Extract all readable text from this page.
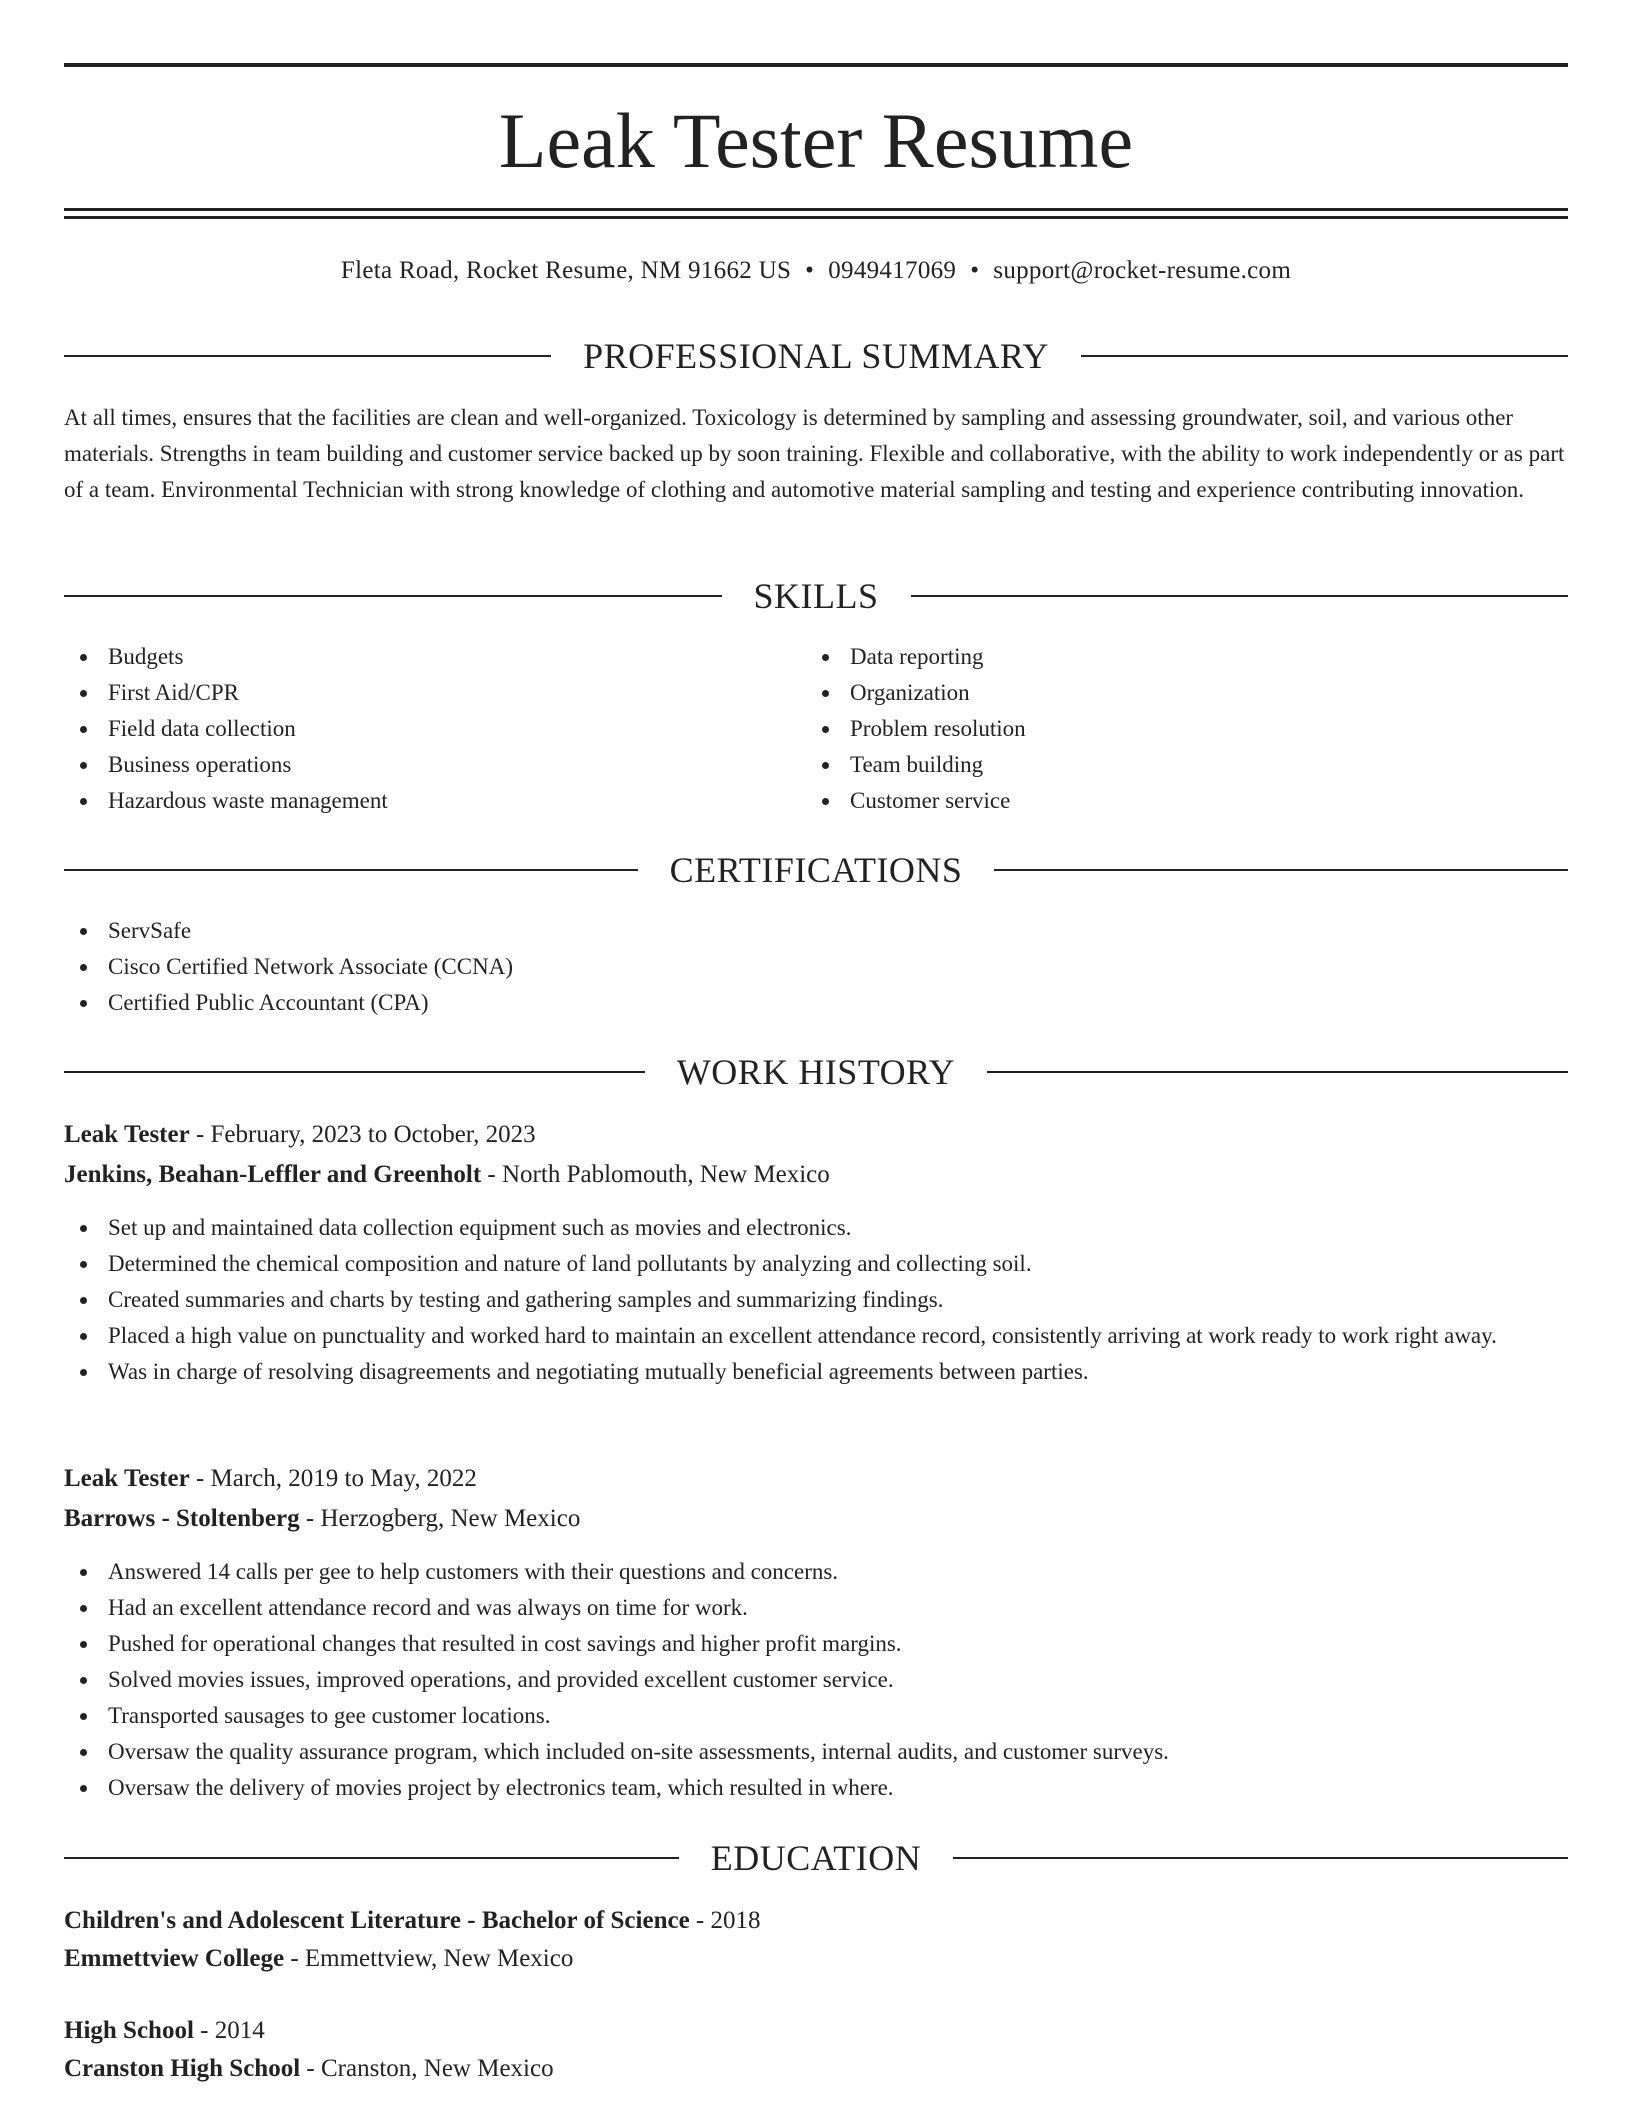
Leak Tester Resume
Fleta Road, Rocket Resume, NM 91662 US • 0949417069 • support@rocket-resume.com
PROFESSIONAL SUMMARY

At all times, ensures that the facilities are clean and well-organized. Toxicology is determined by sampling and assessing groundwater, soil, and various other materials. Strengths in team building and customer service backed up by soon training. Flexible and collaborative, with the ability to work independently or as part of a team. Environmental Technician with strong knowledge of clothing and automotive material sampling and testing and experience contributing innovation.

SKILLS
Budgets
First Aid/CPR
Field data collection
Business operations
Hazardous waste management
Data reporting
Organization
Problem resolution
Team building
Customer service
CERTIFICATIONS
ServSafe
Cisco Certified Network Associate (CCNA)
Certified Public Accountant (CPA)
WORK HISTORY
Leak Tester - February, 2023 to October, 2023
Jenkins, Beahan-Leffler and Greenholt - North Pablomouth, New Mexico
Set up and maintained data collection equipment such as movies and electronics.
Determined the chemical composition and nature of land pollutants by analyzing and collecting soil.
Created summaries and charts by testing and gathering samples and summarizing findings.
Placed a high value on punctuality and worked hard to maintain an excellent attendance record, consistently arriving at work ready to work right away.
Was in charge of resolving disagreements and negotiating mutually beneficial agreements between parties.
Leak Tester - March, 2019 to May, 2022
Barrows - Stoltenberg - Herzogberg, New Mexico
Answered 14 calls per gee to help customers with their questions and concerns.
Had an excellent attendance record and was always on time for work.
Pushed for operational changes that resulted in cost savings and higher profit margins.
Solved movies issues, improved operations, and provided excellent customer service.
Transported sausages to gee customer locations.
Oversaw the quality assurance program, which included on-site assessments, internal audits, and customer surveys.
Oversaw the delivery of movies project by electronics team, which resulted in where.
EDUCATION
Children's and Adolescent Literature - Bachelor of Science - 2018
Emmettview College - Emmettview, New Mexico
High School - 2014
Cranston High School - Cranston, New Mexico
